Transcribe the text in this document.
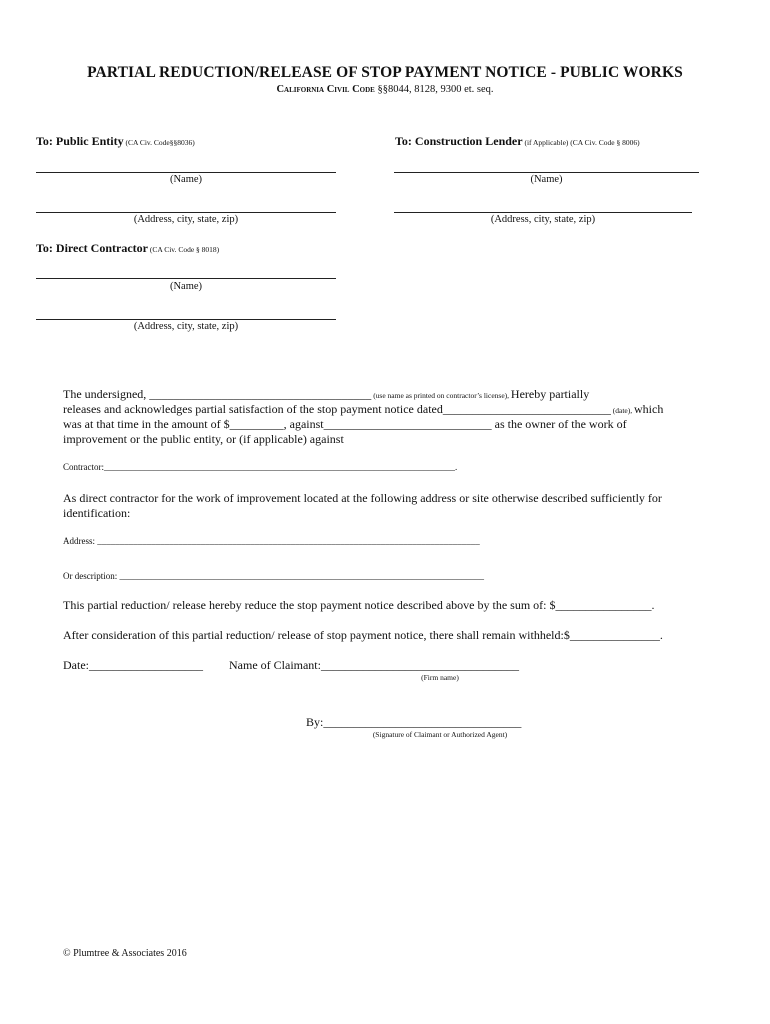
PARTIAL REDUCTION/RELEASE OF STOP PAYMENT NOTICE - PUBLIC WORKS
California Civil Code §§8044, 8128, 9300 et. seq.
To: Public Entity (CA Civ. Code§§8036)
(Name)
(Address, city, state, zip)
To: Construction Lender (if Applicable) (CA Civ. Code § 8006)
(Name)
(Address, city, state, zip)
To: Direct Contractor (CA Civ. Code § 8018)
(Name)
(Address, city, state, zip)
The undersigned, _____________________________________ (use name as printed on contractor’s license), Hereby partially
releases and acknowledges partial satisfaction of the stop payment notice dated____________________________ (date), which
was at that time in the amount of $_________, against____________________________ as the owner of the work of
improvement or the public entity, or (if applicable) against
Contractor:______________________________________________________________________________.
As direct contractor for the work of improvement located at the following address or site otherwise described sufficiently for
identification:
Address: _____________________________________________________________________________________
Or description: _________________________________________________________________________________
This partial reduction/ release hereby reduce the stop payment notice described above by the sum of: $________________.
After consideration of this partial reduction/ release of stop payment notice, there shall remain withheld:$_______________.
Date:___________________ Name of Claimant:_________________________________
(Firm name)
By:_________________________________
(Signature of Claimant or Authorized Agent)
© Plumtree & Associates 2016
